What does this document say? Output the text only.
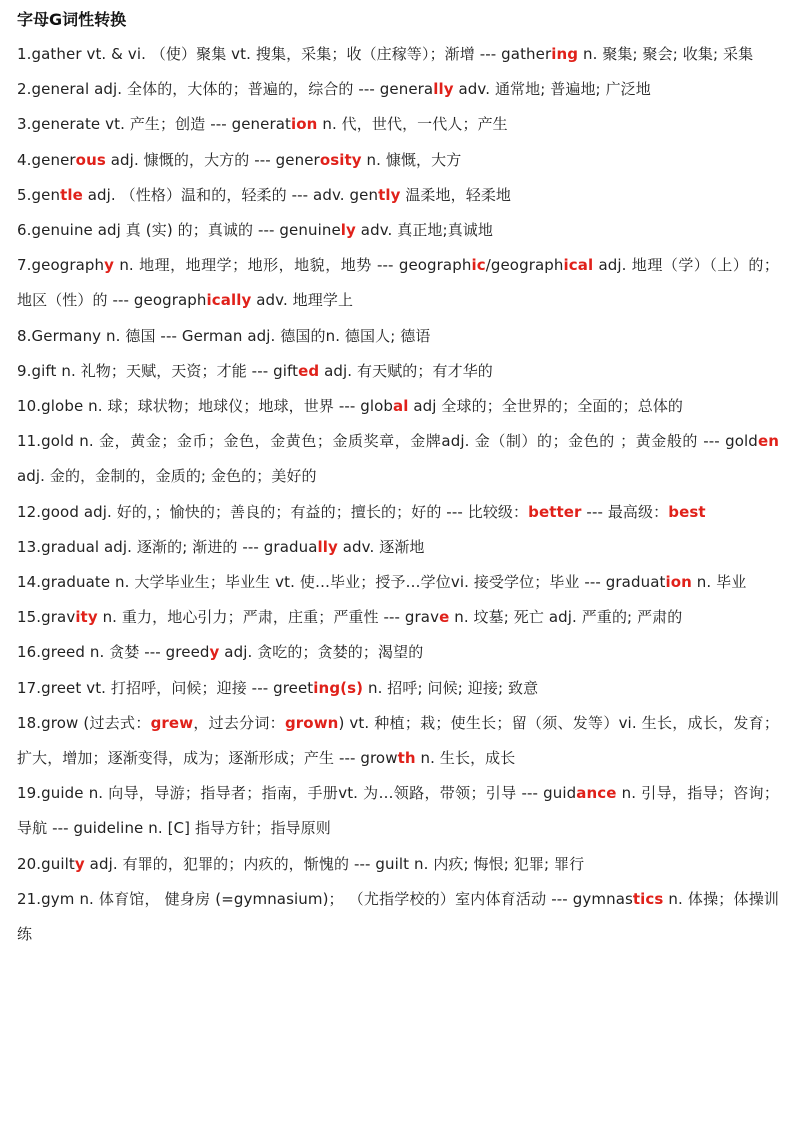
字母G词性转换

1.gather vt. & vi. （使）聚集 vt. 搜集，采集；收（庄稼等）；渐增 --- gathering n. 聚集; 聚会; 收集; 采集

2.general adj. 全体的，大体的；普遍的，综合的 --- generally adv. 通常地; 普遍地; 广泛地

3.generate vt. 产生；创造 --- generation n. 代，世代，一代人；产生

4.generous adj. 慷慨的，大方的 --- generosity n. 慷慨，大方

5.gentle adj. （性格）温和的，轻柔的 --- adv. gently 温柔地，轻柔地

6.genuine adj 真 (实) 的；真诚的 --- genuinely adv. 真正地;真诚地

7.geography n. 地理，地理学；地形，地貌，地势 --- geographic/geographical adj. 地理（学）（上）的；地区（性）的 --- geographically adv. 地理学上

8.Germany n. 德国 --- German adj. 德国的n. 德国人; 德语

9.gift n. 礼物；天赋，天资；才能 --- gifted adj. 有天赋的；有才华的

10.globe n. 球；球状物；地球仪；地球，世界 --- global adj 全球的；全世界的；全面的；总体的

11.gold n. 金，黄金；金币；金色，金黄色；金质奖章，金牌adj. 金（制）的；金色的 ；黄金般的 --- golden adj. 金的，金制的，金质的; 金色的；美好的

12.good adj. 好的，；愉快的；善良的；有益的；擅长的；好的 --- 比较级：better --- 最高级：best

13.gradual adj. 逐渐的; 渐进的 --- gradually adv. 逐渐地

14.graduate n. 大学毕业生；毕业生 vt. 使…毕业；授予…学位vi. 接受学位；毕业 --- graduation n. 毕业

15.gravity n. 重力，地心引力；严肃，庄重；严重性 --- grave n. 坟墓; 死亡 adj. 严重的; 严肃的

16.greed n. 贪婪 --- greedy adj. 贪吃的；贪婪的；渴望的

17.greet vt. 打招呼，问候；迎接 --- greeting(s) n. 招呼; 问候; 迎接; 致意

18.grow (过去式：grew，过去分词：grown) vt. 种植；栽；使生长；留（须、发等）vi. 生长，成长，发育；扩大，增加；逐渐变得，成为；逐渐形成；产生 --- growth n. 生长，成长

19.guide n. 向导，导游；指导者；指南，手册vt. 为…领路，带领；引导 --- guidance n. 引导，指导；咨询；导航 --- guideline n. [C] 指导方针；指导原则

20.guilty adj. 有罪的，犯罪的；内疚的，惭愧的 --- guilt n. 内疚; 悔恨; 犯罪; 罪行

21.gym n. 体育馆， 健身房 (=gymnasium)； （尤指学校的）室内体育活动 --- gymnastics n. 体操；体操训练
